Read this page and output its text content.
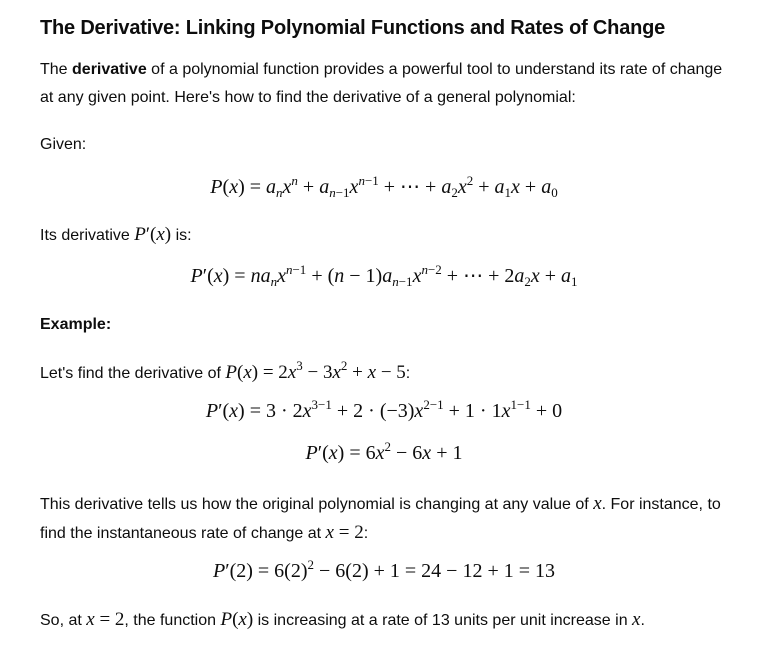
The Derivative: Linking Polynomial Functions and Rates of Change
The derivative of a polynomial function provides a powerful tool to understand its rate of change
at any given point. Here's how to find the derivative of a general polynomial:
Given:
$P(x) = a_nx^n + a_{n-1}x^{n-1}$ + ⋯ + $a_2x^2 + a_1x + a_0$
Its derivative P′(x) is:
$P'(x) = na_nx^{n-1} + (n - 1)a_{n-1}x^{n-2}$ + ⋯ + $2a_2x + a_1$
Example:
Let's find the derivative of $P(x) = 2x^3 - 3x^2 + x - 5$:
$P'(x) = 3 \cdot 2x^{3-1} + 2 \cdot (-3)x^{2-1} + 1 \cdot 1x^{1-1} + 0$
$P'(x) = 6x^2 - 6x + 1$
This derivative tells us how the original polynomial is changing at any value of x. For instance, to
find the instantaneous rate of change at x = 2:
$P'(2) = 6(2)^2 - 6(2) + 1 = 24 - 12 + 1 = 13$
So, at x = 2, the function P(x) is increasing at a rate of 13 units per unit increase in x.
